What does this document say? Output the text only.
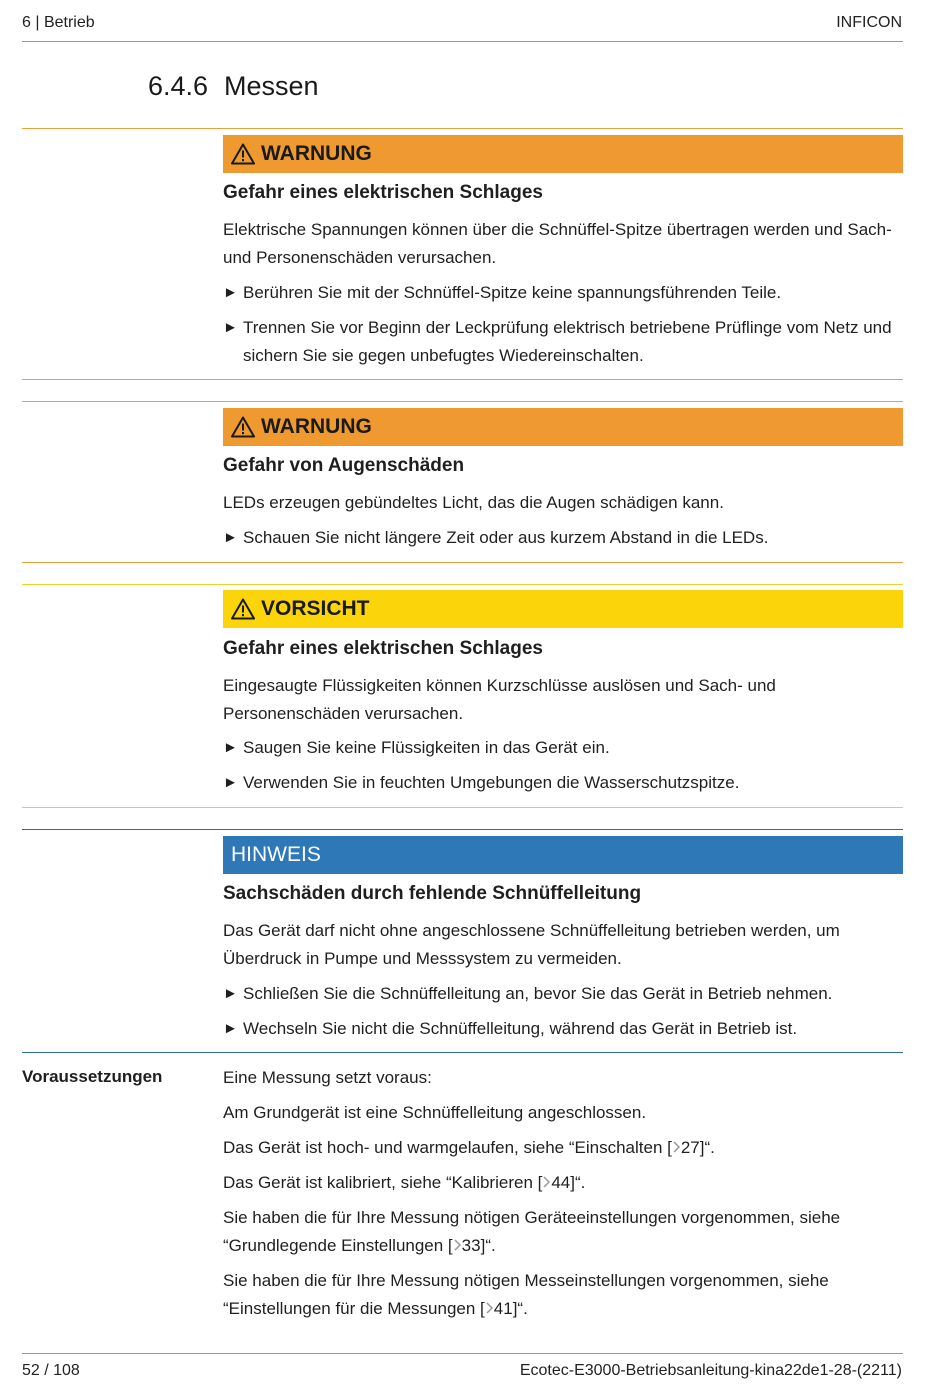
6 | Betrieb	INFICON
6.4.6 Messen
WARNUNG
Gefahr eines elektrischen Schlages
Elektrische Spannungen können über die Schnüffel-Spitze übertragen werden und Sach- und Personenschäden verursachen.
► Berühren Sie mit der Schnüffel-Spitze keine spannungsführenden Teile.
► Trennen Sie vor Beginn der Leckprüfung elektrisch betriebene Prüflinge vom Netz und sichern Sie sie gegen unbefugtes Wiedereinschalten.
WARNUNG
Gefahr von Augenschäden
LEDs erzeugen gebündeltes Licht, das die Augen schädigen kann.
► Schauen Sie nicht längere Zeit oder aus kurzem Abstand in die LEDs.
VORSICHT
Gefahr eines elektrischen Schlages
Eingesaugte Flüssigkeiten können Kurzschlüsse auslösen und Sach- und Personenschäden verursachen.
► Saugen Sie keine Flüssigkeiten in das Gerät ein.
► Verwenden Sie in feuchten Umgebungen die Wasserschutzspitze.
HINWEIS
Sachschäden durch fehlende Schnüffelleitung
Das Gerät darf nicht ohne angeschlossene Schnüffelleitung betrieben werden, um Überdruck in Pumpe und Messsystem zu vermeiden.
► Schließen Sie die Schnüffelleitung an, bevor Sie das Gerät in Betrieb nehmen.
► Wechseln Sie nicht die Schnüffelleitung, während das Gerät in Betrieb ist.
Voraussetzungen	Eine Messung setzt voraus:
Am Grundgerät ist eine Schnüffelleitung angeschlossen.
Das Gerät ist hoch- und warmgelaufen, siehe “Einschalten [ 27]“.
Das Gerät ist kalibriert, siehe “Kalibrieren [ 44]“.
Sie haben die für Ihre Messung nötigen Geräteeinstellungen vorgenommen, siehe “Grundlegende Einstellungen [ 33]“.
Sie haben die für Ihre Messung nötigen Messeinstellungen vorgenommen, siehe “Einstellungen für die Messungen [ 41]“.
52 / 108	Ecotec-E3000-Betriebsanleitung-kina22de1-28-(2211)
